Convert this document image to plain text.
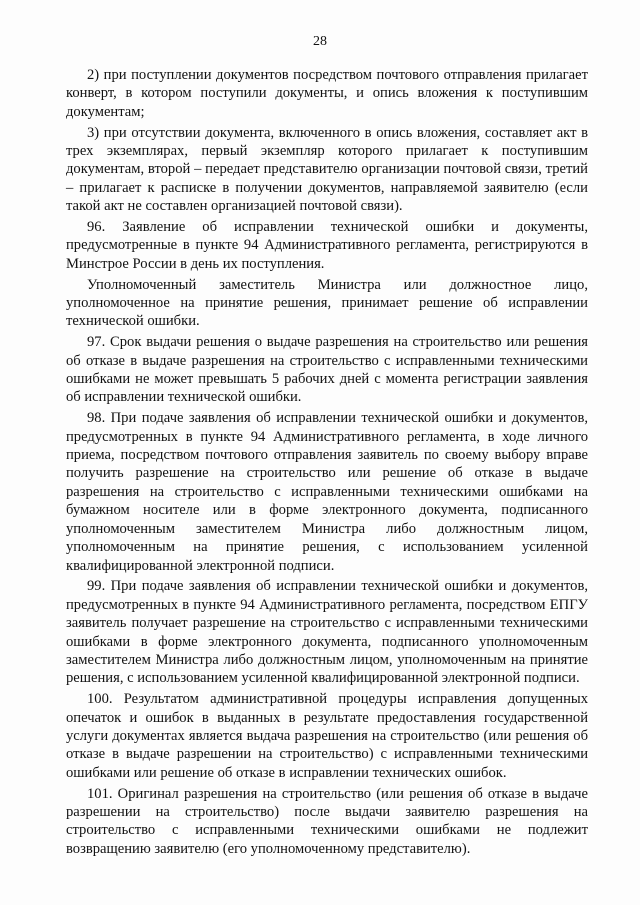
28

2) при поступлении документов посредством почтового отправления прилагает конверт, в котором поступили документы, и опись вложения к поступившим документам;

3) при отсутствии документа, включенного в опись вложения, составляет акт в трех экземплярах, первый экземпляр которого прилагает к поступившим документам, второй – передает представителю организации почтовой связи, третий – прилагает к расписке в получении документов, направляемой заявителю (если такой акт не составлен организацией почтовой связи).

96. Заявление об исправлении технической ошибки и документы, предусмотренные в пункте 94 Административного регламента, регистрируются в Минстрое России в день их поступления.

Уполномоченный заместитель Министра или должностное лицо, уполномоченное на принятие решения, принимает решение об исправлении технической ошибки.

97. Срок выдачи решения о выдаче разрешения на строительство или решения об отказе в выдаче разрешения на строительство с исправленными техническими ошибками не может превышать 5 рабочих дней с момента регистрации заявления об исправлении технической ошибки.

98. При подаче заявления об исправлении технической ошибки и документов, предусмотренных в пункте 94 Административного регламента, в ходе личного приема, посредством почтового отправления заявитель по своему выбору вправе получить разрешение на строительство или решение об отказе в выдаче разрешения на строительство с исправленными техническими ошибками на бумажном носителе или в форме электронного документа, подписанного уполномоченным заместителем Министра либо должностным лицом, уполномоченным на принятие решения, с использованием усиленной квалифицированной электронной подписи.

99. При подаче заявления об исправлении технической ошибки и документов, предусмотренных в пункте 94 Административного регламента, посредством ЕПГУ заявитель получает разрешение на строительство с исправленными техническими ошибками в форме электронного документа, подписанного уполномоченным заместителем Министра либо должностным лицом, уполномоченным на принятие решения, с использованием усиленной квалифицированной электронной подписи.

100. Результатом административной процедуры исправления допущенных опечаток и ошибок в выданных в результате предоставления государственной услуги документах является выдача разрешения на строительство (или решения об отказе в выдаче разрешении на строительство) с исправленными техническими ошибками или решение об отказе в исправлении технических ошибок.

101. Оригинал разрешения на строительство (или решения об отказе в выдаче разрешении на строительство) после выдачи заявителю разрешения на строительство с исправленными техническими ошибками не подлежит возвращению заявителю (его уполномоченному представителю).
